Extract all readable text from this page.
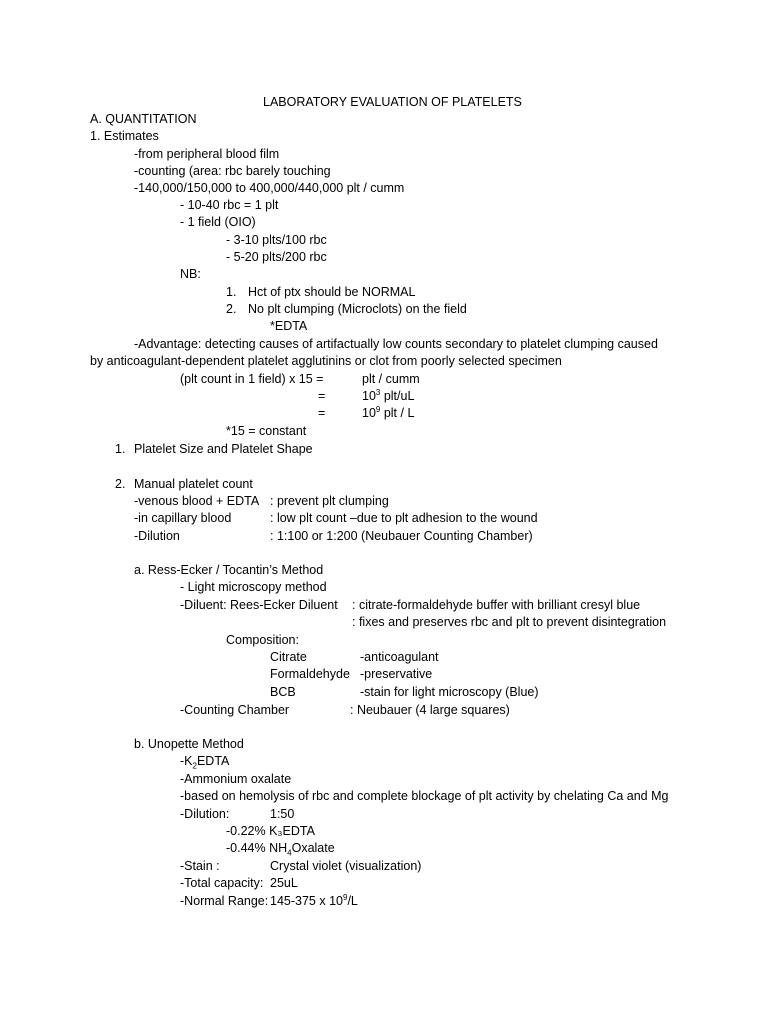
LABORATORY EVALUATION OF PLATELETS
A. QUANTITATION
1. Estimates
-from peripheral blood film
-counting (area: rbc barely touching
-140,000/150,000 to 400,000/440,000 plt / cumm
- 10-40 rbc = 1 plt
- 1 field (OIO)
- 3-10 plts/100 rbc
- 5-20 plts/200 rbc
NB:
1. Hct of ptx should be NORMAL
2. No plt clumping (Microclots) on the field
*EDTA
-Advantage: detecting causes of artifactually low counts secondary to platelet clumping caused
by anticoagulant-dependent platelet agglutinins or clot from poorly selected specimen
(plt count in 1 field) x 15 =	plt / cumm
=	$10^3$ plt/uL
=	$10^9$ plt / L
*15 = constant
1. Platelet Size and Platelet Shape
2. Manual platelet count
-venous blood + EDTA : prevent plt clumping
-in capillary blood	: low plt count –due to plt adhesion to the wound
-Dilution	: 1:100 or 1:200 (Neubauer Counting Chamber)
a. Ress-Ecker / Tocantin’s Method
- Light microscopy method
-Diluent: Rees-Ecker Diluent : citrate-formaldehyde buffer with brilliant cresyl blue
: fixes and preserves rbc and plt to prevent disintegration
Composition:
Citrate	-anticoagulant
Formaldehyde -preservative
BCB	-stain for light microscopy (Blue)
-Counting Chamber	: Neubauer (4 large squares)
b. Unopette Method
$-K_2EDTA$
-Ammonium oxalate
-based on hemolysis of rbc and complete blockage of plt activity by chelating Ca and Mg
-Dilution:	1:50
-0.22% K₃EDTA
-0.44% $NH_4Oxalate$
-Stain :	Crystal violet (visualization)
-Total capacity: 25uL
-Normal Range: 145-375 x $10^9/L$
